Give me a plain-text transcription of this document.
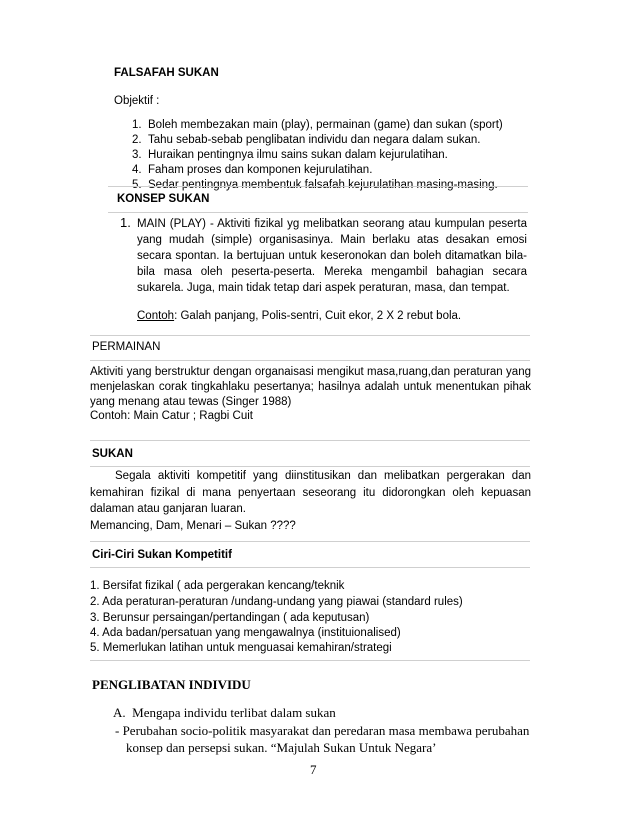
FALSAFAH SUKAN
Objektif :
1. Boleh membezakan main (play), permainan (game) dan sukan (sport)
2. Tahu sebab-sebab penglibatan individu dan negara dalam sukan.
3. Huraikan pentingnya ilmu sains sukan dalam kejurulatihan.
4. Faham proses dan komponen kejurulatihan.
5. Sedar pentingnya membentuk falsafah kejurulatihan masing-masing.
KONSEP SUKAN
1. MAIN (PLAY) - Aktiviti fizikal yg melibatkan seorang atau kumpulan peserta yang mudah (simple) organisasinya. Main berlaku atas desakan emosi secara spontan. Ia bertujuan untuk keseronokan dan boleh ditamatkan bila-bila masa oleh peserta-peserta. Mereka mengambil bahagian secara sukarela. Juga, main tidak tetap dari aspek peraturan, masa, dan tempat.
Contoh: Galah panjang, Polis-sentri, Cuit ekor, 2 X 2 rebut bola.
PERMAINAN
Aktiviti yang berstruktur dengan organaisasi mengikut masa,ruang,dan peraturan yang menjelaskan corak tingkahlaku pesertanya; hasilnya adalah untuk menentukan pihak yang menang atau tewas (Singer 1988)
Contoh: Main Catur ; Ragbi Cuit
SUKAN
Segala aktiviti kompetitif yang diinstitusikan dan melibatkan pergerakan dan kemahiran fizikal di mana penyertaan seseorang itu didorongkan oleh kepuasan dalaman atau ganjaran luaran.
Memancing, Dam, Menari – Sukan ????
Ciri-Ciri Sukan Kompetitif
1. Bersifat fizikal ( ada pergerakan kencang/teknik
2. Ada peraturan-peraturan /undang-undang yang piawai (standard rules)
3. Berunsur persaingan/pertandingan ( ada keputusan)
4. Ada badan/persatuan yang mengawalnya (instituionalised)
5. Memerlukan latihan untuk menguasai kemahiran/strategi
PENGLIBATAN INDIVIDU
A. Mengapa individu terlibat dalam sukan
- Perubahan socio-politik masyarakat dan peredaran masa membawa perubahan
konsep dan persepsi sukan. “Majulah Sukan Untuk Negara’
7
